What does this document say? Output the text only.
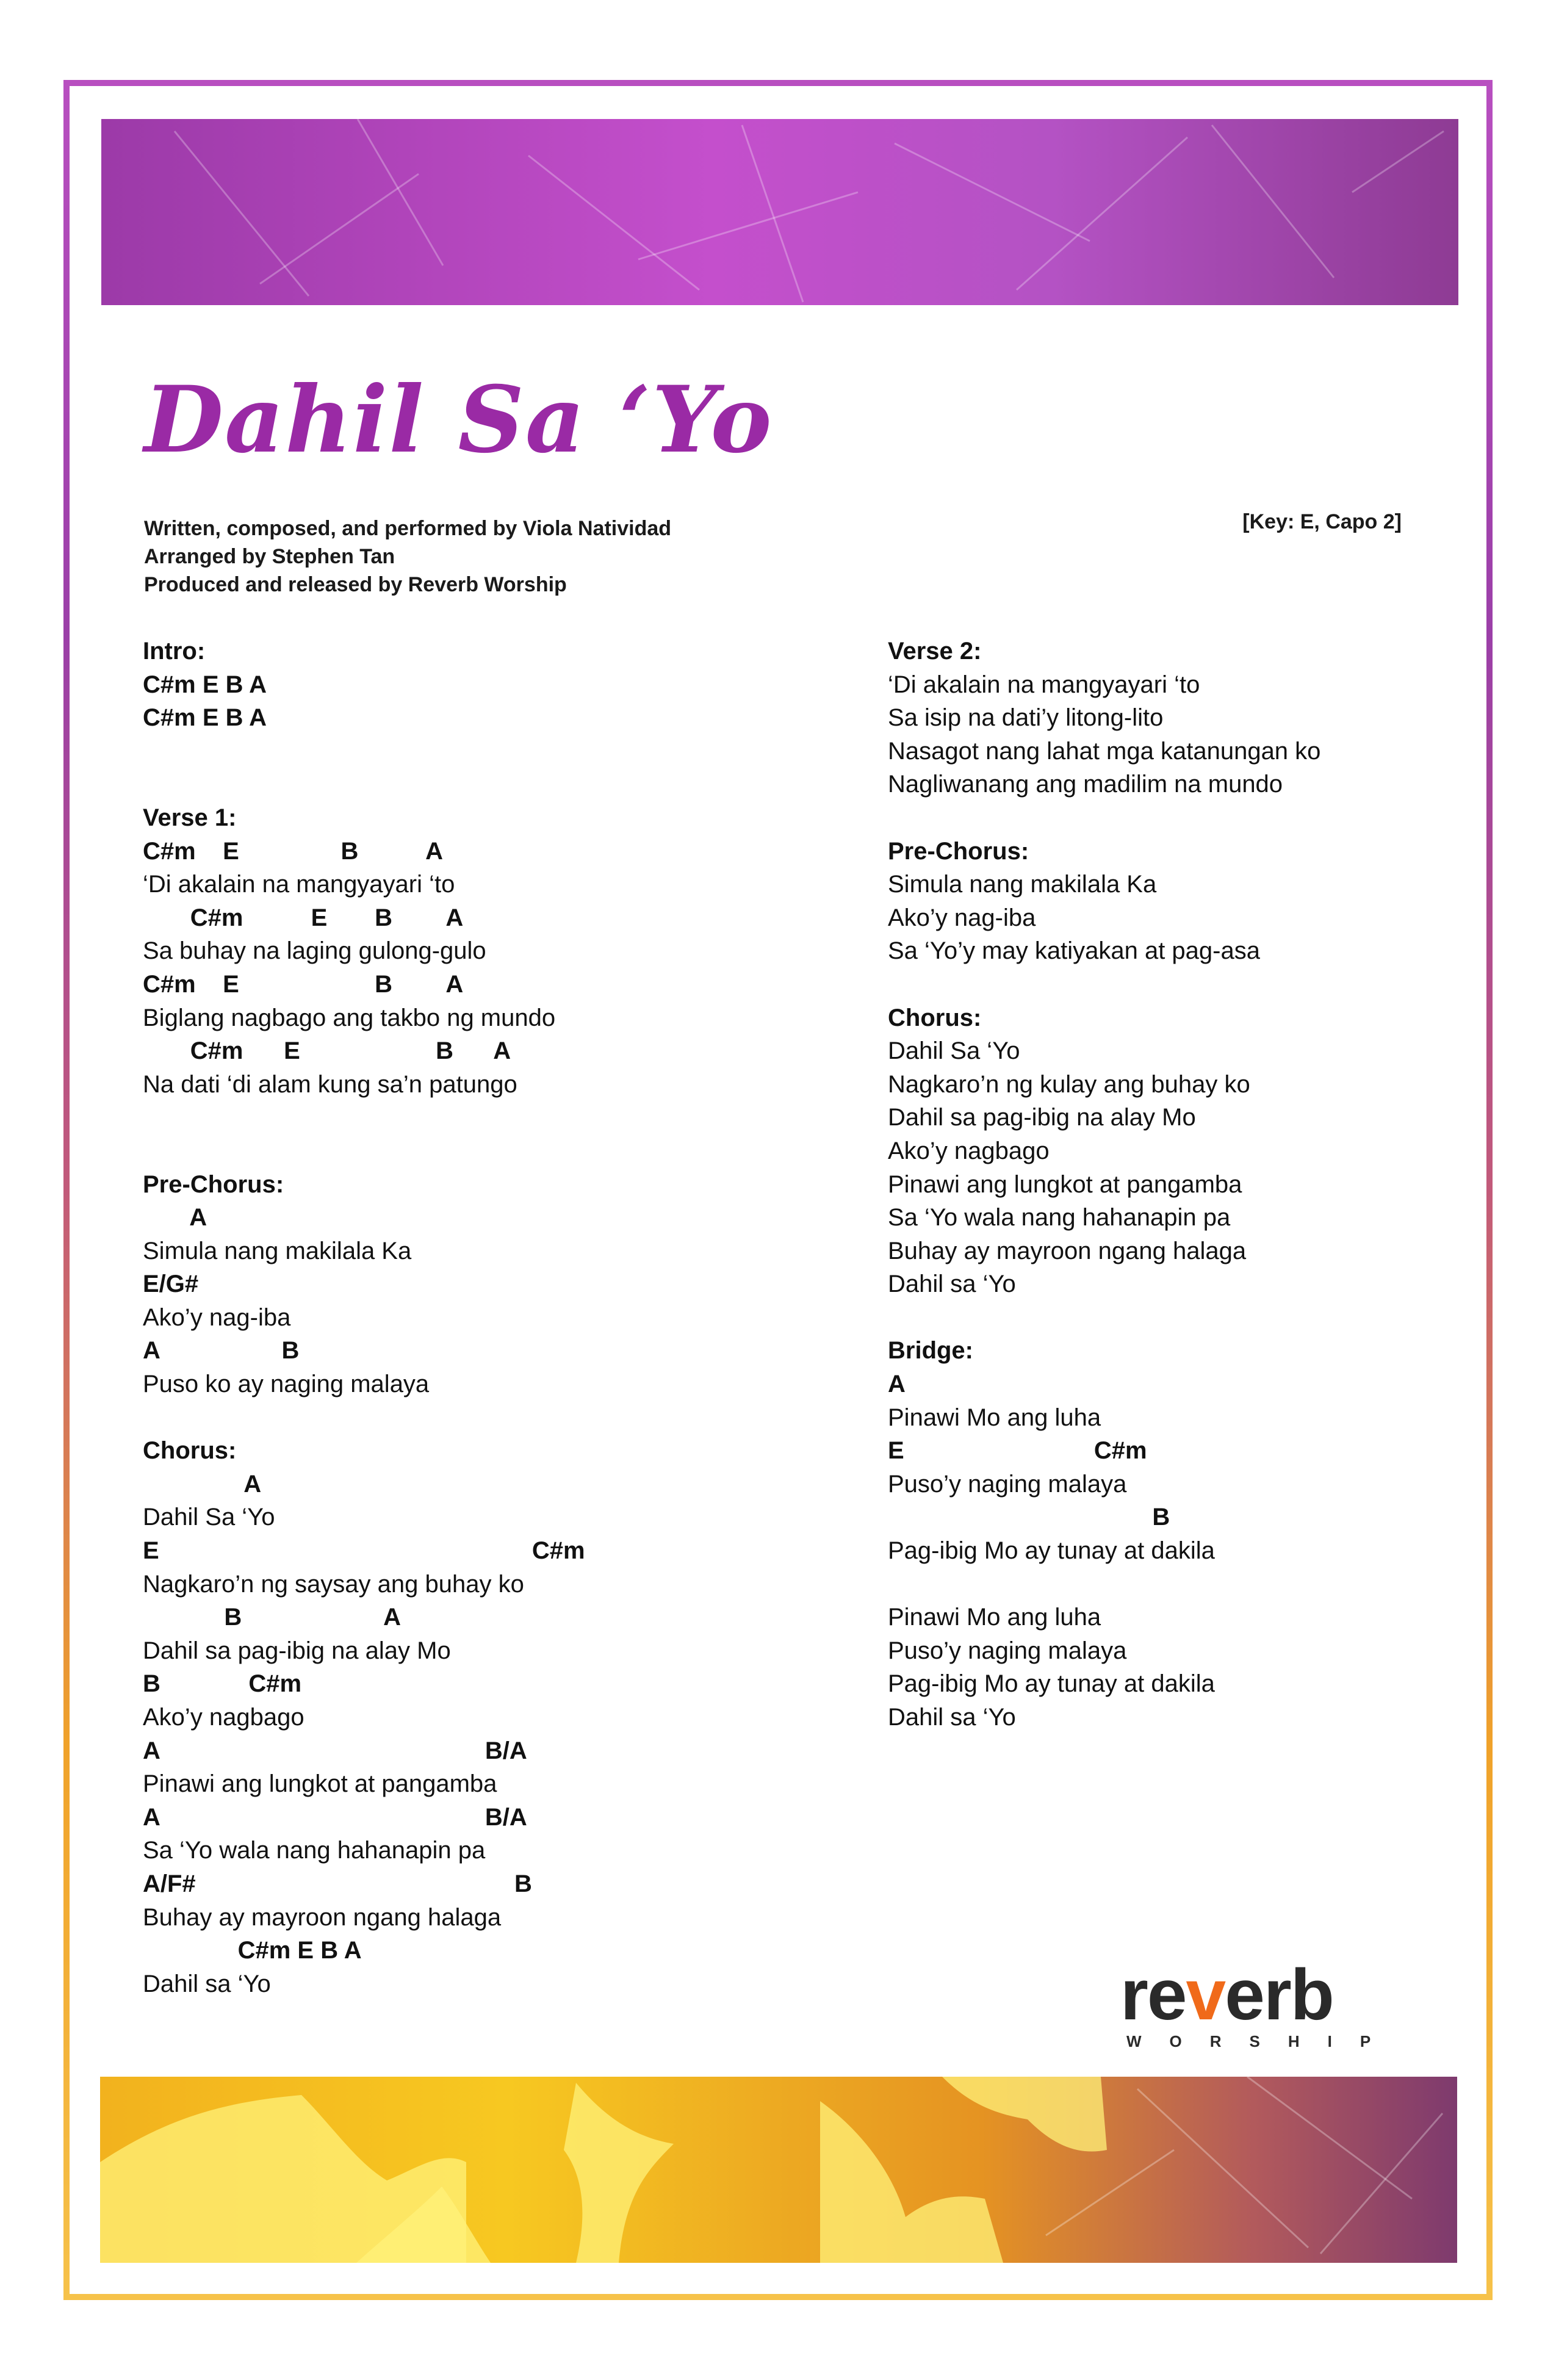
Dahil Sa ‘Yo
Written, composed, and performed by Viola Natividad
Arranged by Stephen Tan
Produced and released by Reverb Worship
[Key: E, Capo 2]
Intro:
C#m E B A
C#m E B A
Verse 1:
C#m    E               B          A
‘Di akalain na mangyayari ‘to
C#m          E       B        A
Sa buhay na laging gulong-gulo
C#m    E                    B        A
Biglang nagbago ang takbo ng mundo
C#m      E                    B      A
Na dati ‘di alam kung sa’n patungo
Pre-Chorus:
A
Simula nang makilala Ka
E/G#
Ako’y nag-iba
A                  B
Puso ko ay naging malaya
Chorus:
A
Dahil Sa ‘Yo
E                                                       C#m
Nagkaro’n ng saysay ang buhay ko
B                     A
Dahil sa pag-ibig na alay Mo
B             C#m
Ako’y nagbago
A                                                B/A
Pinawi ang lungkot at pangamba
A                                                B/A
Sa ‘Yo wala nang hahanapin pa
A/F#                                               B
Buhay ay mayroon ngang halaga
C#m E B A
Dahil sa ‘Yo
Verse 2:
‘Di akalain na mangyayari ‘to
Sa isip na dati’y litong-lito
Nasagot nang lahat mga katanungan ko
Nagliwanang ang madilim na mundo
Pre-Chorus:
Simula nang makilala Ka
Ako’y nag-iba
Sa ‘Yo’y may katiyakan at pag-asa
Chorus:
Dahil Sa ‘Yo
Nagkaro’n ng kulay ang buhay ko
Dahil sa pag-ibig na alay Mo
Ako’y nagbago
Pinawi ang lungkot at pangamba
Sa ‘Yo wala nang hahanapin pa
Buhay ay mayroon ngang halaga
Dahil sa ‘Yo
Bridge:
A
Pinawi Mo ang luha
E                            C#m
Puso’y naging malaya
B
Pag-ibig Mo ay tunay at dakila
Pinawi Mo ang luha
Puso’y naging malaya
Pag-ibig Mo ay tunay at dakila
Dahil sa ‘Yo
reverb
WORSHIP
